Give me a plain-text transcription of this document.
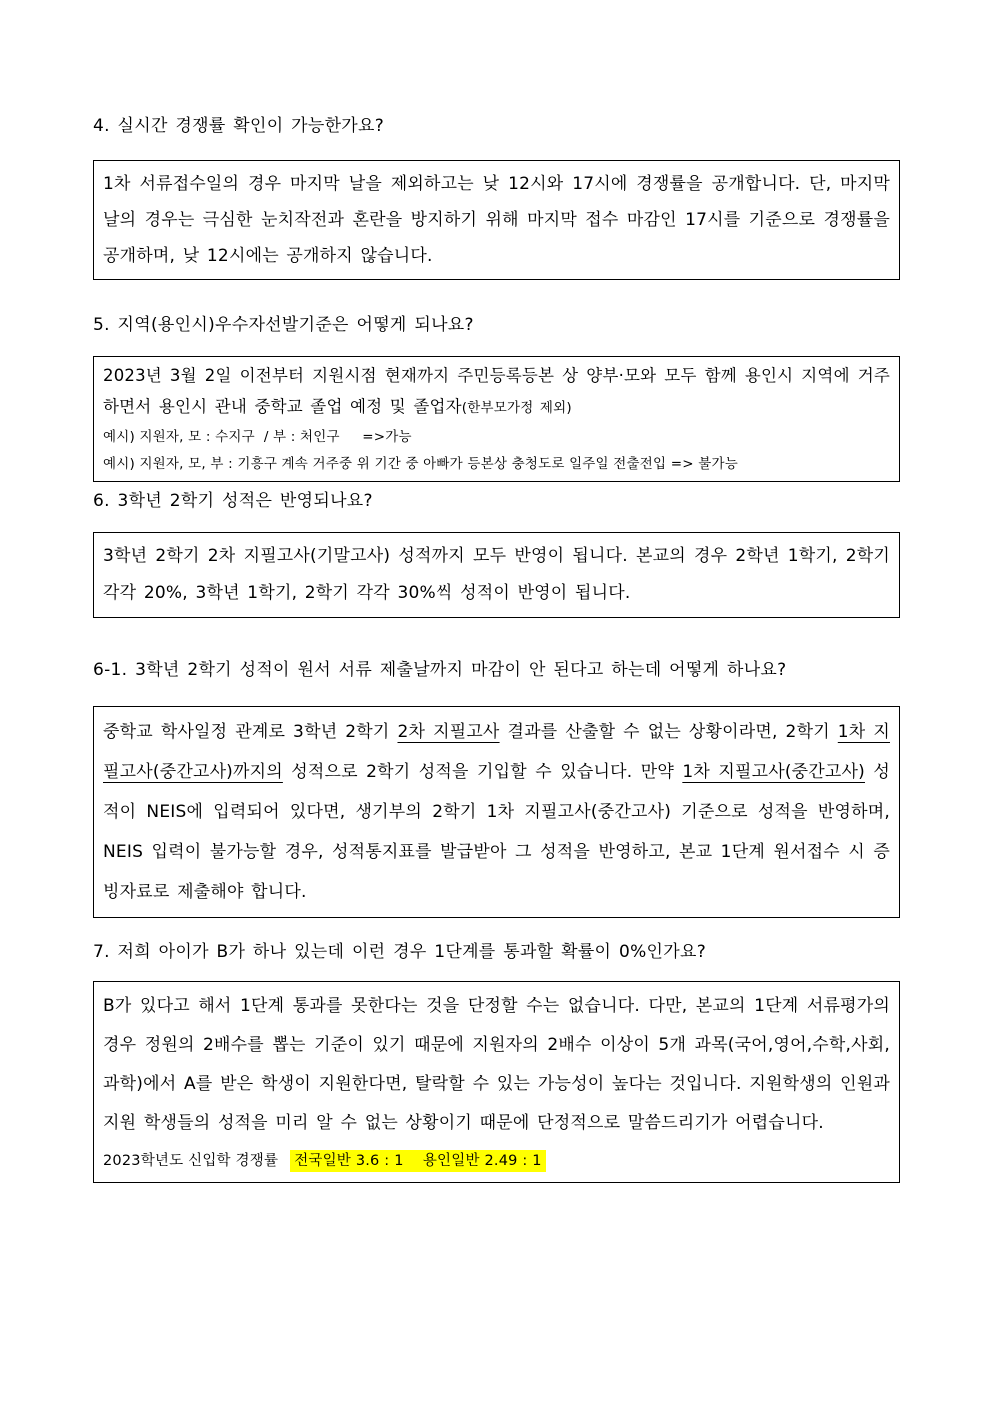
4. 실시간 경쟁률 확인이 가능한가요?

1차 서류접수일의 경우 마지막 날을 제외하고는 낮 12시와 17시에 경쟁률을 공개합니다. 단, 마지막 날의 경우는 극심한 눈치작전과 혼란을 방지하기 위해 마지막 접수 마감인 17시를 기준으로 경쟁률을 공개하며, 낮 12시에는 공개하지 않습니다.

5. 지역(용인시)우수자선발기준은 어떻게 되나요?

2023년 3월 2일 이전부터 지원시점 현재까지 주민등록등본 상 양부·모와 모두 함께 용인시 지역에 거주하면서 용인시 관내 중학교 졸업 예정 및 졸업자(한부모가정 제외)

예시) 지원자, 모 : 수지구  / 부 : 처인구     =>가능

예시) 지원자, 모, 부 : 기흥구 계속 거주중 위 기간 중 아빠가 등본상 충청도로 일주일 전출전입 => 불가능

6. 3학년 2학기 성적은 반영되나요?

3학년 2학기 2차 지필고사(기말고사) 성적까지 모두 반영이 됩니다. 본교의 경우 2학년 1학기, 2학기 각각 20%, 3학년 1학기, 2학기 각각 30%씩 성적이 반영이 됩니다.

6-1. 3학년 2학기 성적이 원서 서류 제출날까지 마감이 안 된다고 하는데 어떻게 하나요?

중학교 학사일정 관계로 3학년 2학기 2차 지필고사 결과를 산출할 수 없는 상황이라면, 2학기 1차 지필고사(중간고사)까지의 성적으로 2학기 성적을 기입할 수 있습니다. 만약 1차 지필고사(중간고사) 성적이 NEIS에 입력되어 있다면, 생기부의 2학기 1차 지필고사(중간고사) 기준으로 성적을 반영하며, NEIS 입력이 불가능할 경우, 성적통지표를 발급받아 그 성적을 반영하고, 본교 1단계 원서접수 시 증빙자료로 제출해야 합니다.

7. 저희 아이가 B가 하나 있는데 이런 경우 1단계를 통과할 확률이 0%인가요?

B가 있다고 해서 1단계 통과를 못한다는 것을 단정할 수는 없습니다. 다만, 본교의 1단계 서류평가의 경우 정원의 2배수를 뽑는 기준이 있기 때문에 지원자의 2배수 이상이 5개 과목(국어,영어,수학,사회,과학)에서 A를 받은 학생이 지원한다면, 탈락할 수 있는 가능성이 높다는 것입니다. 지원학생의 인원과 지원 학생들의 성적을 미리 알 수 없는 상황이기 때문에 단정적으로 말씀드리기가 어렵습니다.

2023학년도 신입학 경쟁률 전국일반 3.6 : 1    용인일반 2.49 : 1
